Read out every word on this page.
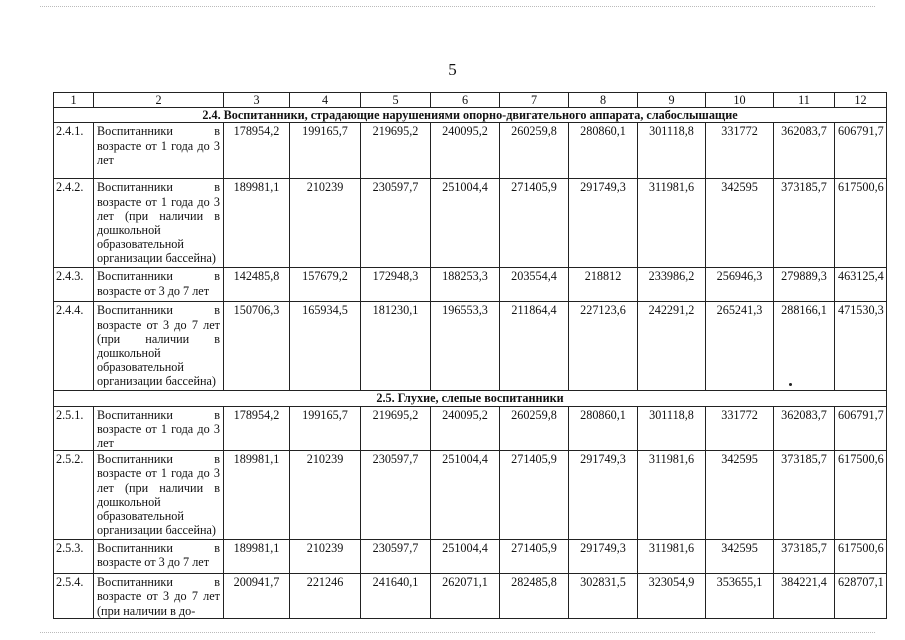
5
1	2	3	4	5	6	7	8	9	10	11	12
2.4. Воспитанники, страдающие нарушениями опорно-двигательного аппарата, слабослышащие											
2.4.1.	Воспитанники в возрасте от 1 года до 3 лет	178954,2	199165,7	219695,2	240095,2	260259,8	280860,1	301118,8	331772	362083,7	606791,7
2.4.2.	Воспитанники в возрасте от 1 года до 3 лет (при наличии в дошкольной образовательной организации бассейна)	189981,1	210239	230597,7	251004,4	271405,9	291749,3	311981,6	342595	373185,7	617500,6
2.4.3.	Воспитанники в возрасте от 3 до 7 лет	142485,8	157679,2	172948,3	188253,3	203554,4	218812	233986,2	256946,3	279889,3	463125,4
2.4.4.	Воспитанники в возрасте от 3 до 7 лет (при наличии в дошкольной образовательной организации бассейна)	150706,3	165934,5	181230,1	196553,3	211864,4	227123,6	242291,2	265241,3	288166,1	471530,3
2.5. Глухие, слепые воспитанники											
2.5.1.	Воспитанники в возрасте от 1 года до 3 лет	178954,2	199165,7	219695,2	240095,2	260259,8	280860,1	301118,8	331772	362083,7	606791,7
2.5.2.	Воспитанники в возрасте от 1 года до 3 лет (при наличии в дошкольной образовательной организации бассейна)	189981,1	210239	230597,7	251004,4	271405,9	291749,3	311981,6	342595	373185,7	617500,6
2.5.3.	Воспитанники в возрасте от 3 до 7 лет	189981,1	210239	230597,7	251004,4	271405,9	291749,3	311981,6	342595	373185,7	617500,6
2.5.4.	Воспитанники в возрасте от 3 до 7 лет (при наличии в до-	200941,7	221246	241640,1	262071,1	282485,8	302831,5	323054,9	353655,1	384221,4	628707,1
